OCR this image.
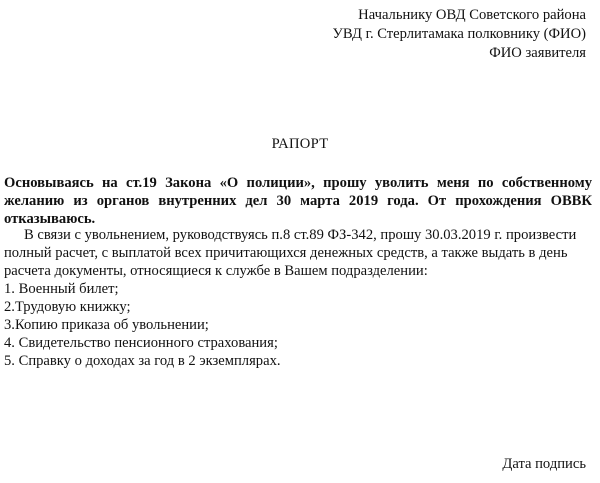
Начальнику ОВД Советского района
УВД г. Стерлитамака полковнику (ФИО)
ФИО заявителя
РАПОРТ
Основываясь на ст.19 Закона «О полиции», прошу уволить меня по собственному
желанию из органов внутренних дел 30 марта 2019 года. От прохождения ОВВК
отказываюсь.
В связи с увольнением, руководствуясь п.8 ст.89 ФЗ-342, прошу 30.03.2019 г. произвести
полный расчет, с выплатой всех причитающихся денежных средств, а также выдать в день
расчета документы, относящиеся к службе в Вашем подразделении:
1. Военный билет;
2.Трудовую книжку;
3.Копию приказа об увольнении;
4. Свидетельство пенсионного страхования;
5. Справку о доходах за год в 2 экземплярах.
Дата подпись
